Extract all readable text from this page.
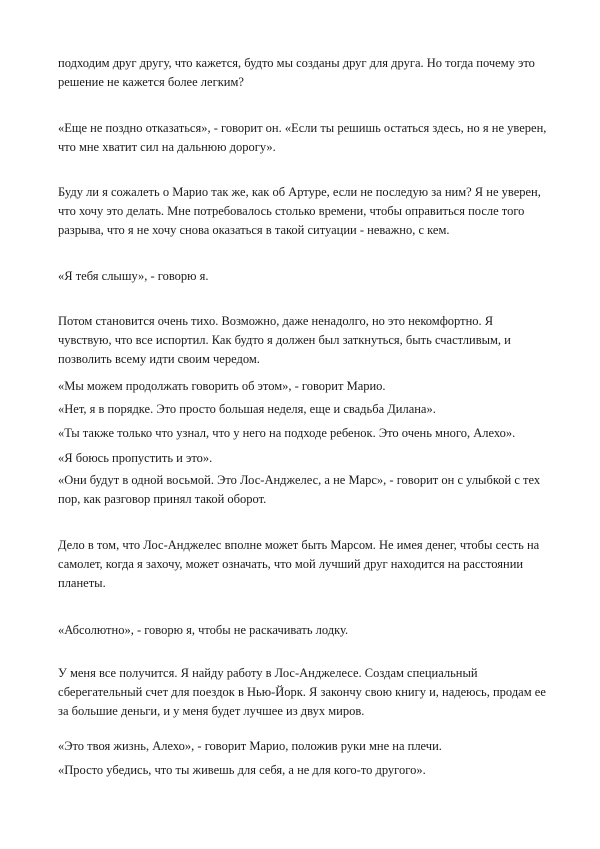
подходим друг другу, что кажется, будто мы созданы друг для друга. Но тогда почему это решение не кажется более легким?

«Еще не поздно отказаться», - говорит он. «Если ты решишь остаться здесь, но я не уверен, что мне хватит сил на дальнюю дорогу».

Буду ли я сожалеть о Марио так же, как об Артуре, если не последую за ним? Я не уверен, что хочу это делать. Мне потребовалось столько времени, чтобы оправиться после того разрыва, что я не хочу снова оказаться в такой ситуации - неважно, с кем.

«Я тебя слышу», - говорю я.

Потом становится очень тихо. Возможно, даже ненадолго, но это некомфортно. Я чувствую, что все испортил. Как будто я должен был заткнуться, быть счастливым, и позволить всему идти своим чередом.

«Мы можем продолжать говорить об этом», - говорит Марио.

«Нет, я в порядке. Это просто большая неделя, еще и свадьба Дилана».

«Ты также только что узнал, что у него на подходе ребенок. Это очень много, Алехо».

«Я боюсь пропустить и это».

«Они будут в одной восьмой. Это Лос-Анджелес, а не Марс», - говорит он с улыбкой с тех пор, как разговор принял такой оборот.

Дело в том, что Лос-Анджелес вполне может быть Марсом. Не имея денег, чтобы сесть на самолет, когда я захочу, может означать, что мой лучший друг находится на расстоянии планеты.

«Абсолютно», - говорю я, чтобы не раскачивать лодку.

У меня все получится. Я найду работу в Лос-Анджелесе. Создам специальный сберегательный счет для поездок в Нью-Йорк. Я закончу свою книгу и, надеюсь, продам ее за большие деньги, и у меня будет лучшее из двух миров.

«Это твоя жизнь, Алехо», - говорит Марио, положив руки мне на плечи.

«Просто убедись, что ты живешь для себя, а не для кого-то другого».
